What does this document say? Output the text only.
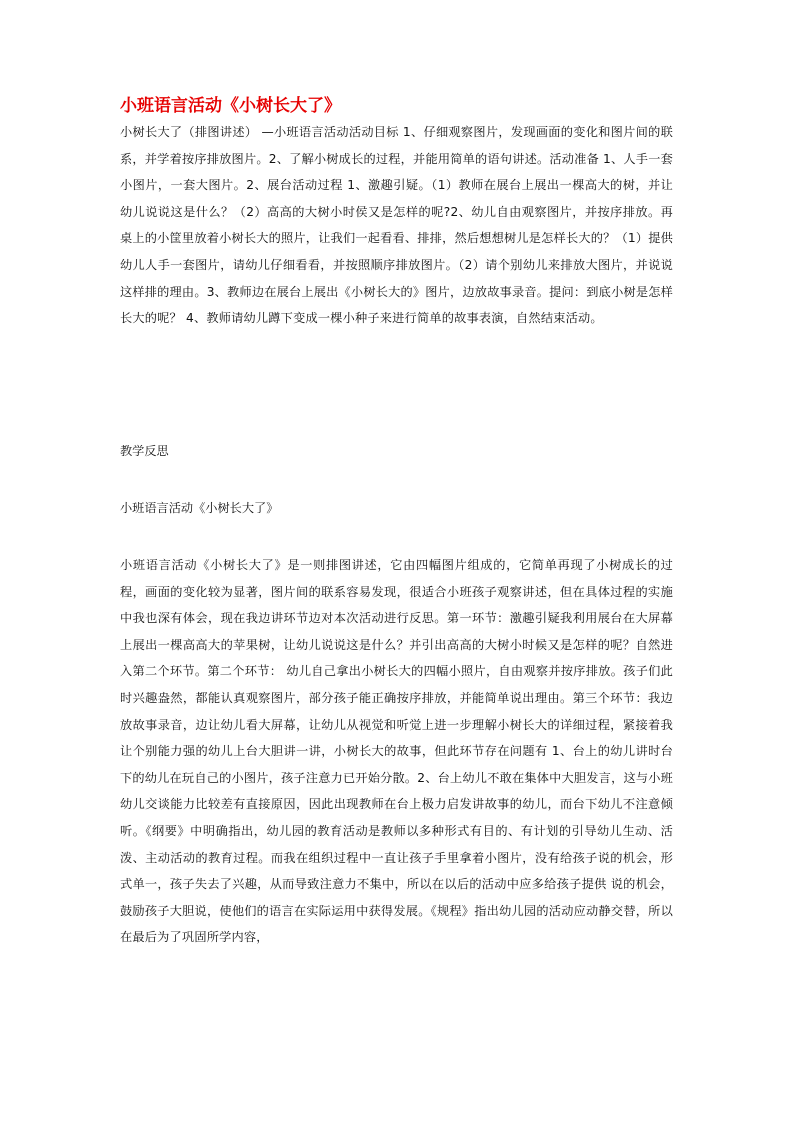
小班语言活动《小树长大了》

小树长大了（排图讲述） —小班语言活动活动目标 1、仔细观察图片，发现画面的变化和图片间的联系，并学着按序排放图片。2、了解小树成长的过程，并能用简单的语句讲述。活动准备 1、人手一套小图片，一套大图片。2、展台活动过程 1、激趣引疑。（1）教师在展台上展出一棵高大的树，并让幼儿说说这是什么？（2）高高的大树小时侯又是怎样的呢?2、幼儿自由观察图片，并按序排放。再桌上的小筐里放着小树长大的照片，让我们一起看看、排排，然后想想树儿是怎样长大的？（1）提供幼儿人手一套图片，请幼儿仔细看看，并按照顺序排放图片。（2）请个别幼儿来排放大图片，并说说这样排的理由。3、教师边在展台上展出《小树长大的》图片，边放故事录音。提问：到底小树是怎样长大的呢？ 4、教师请幼儿蹲下变成一棵小种子来进行简单的故事表演，自然结束活动。

教学反思

小班语言活动《小树长大了》

小班语言活动《小树长大了》是一则排图讲述，它由四幅图片组成的，它简单再现了小树成长的过程，画面的变化较为显著，图片间的联系容易发现，很适合小班孩子观察讲述，但在具体过程的实施中我也深有体会，现在我边讲环节边对本次活动进行反思。第一环节：激趣引疑我利用展台在大屏幕上展出一棵高高大的苹果树，让幼儿说说这是什么？并引出高高的大树小时候又是怎样的呢？自然进入第二个环节。第二个环节： 幼儿自己拿出小树长大的四幅小照片，自由观察并按序排放。孩子们此时兴趣盎然，都能认真观察图片，部分孩子能正确按序排放，并能简单说出理由。第三个环节：我边放故事录音，边让幼儿看大屏幕，让幼儿从视觉和听觉上进一步理解小树长大的详细过程，紧接着我让个别能力强的幼儿上台大胆讲一讲，小树长大的故事，但此环节存在问题有 1、台上的幼儿讲时台下的幼儿在玩自己的小图片，孩子注意力已开始分散。2、台上幼儿不敢在集体中大胆发言，这与小班幼儿交谈能力比较差有直接原因，因此出现教师在台上极力启发讲故事的幼儿，而台下幼儿不注意倾听。《纲要》中明确指出，幼儿园的教育活动是教师以多种形式有目的、有计划的引导幼儿生动、活泼、主动活动的教育过程。而我在组织过程中一直让孩子手里拿着小图片，没有给孩子说的机会，形式单一，孩子失去了兴趣，从而导致注意力不集中，所以在以后的活动中应多给孩子提供 说的机会，鼓励孩子大胆说，使他们的语言在实际运用中获得发展。《规程》指出幼儿园的活动应动静交替，所以在最后为了巩固所学内容，
